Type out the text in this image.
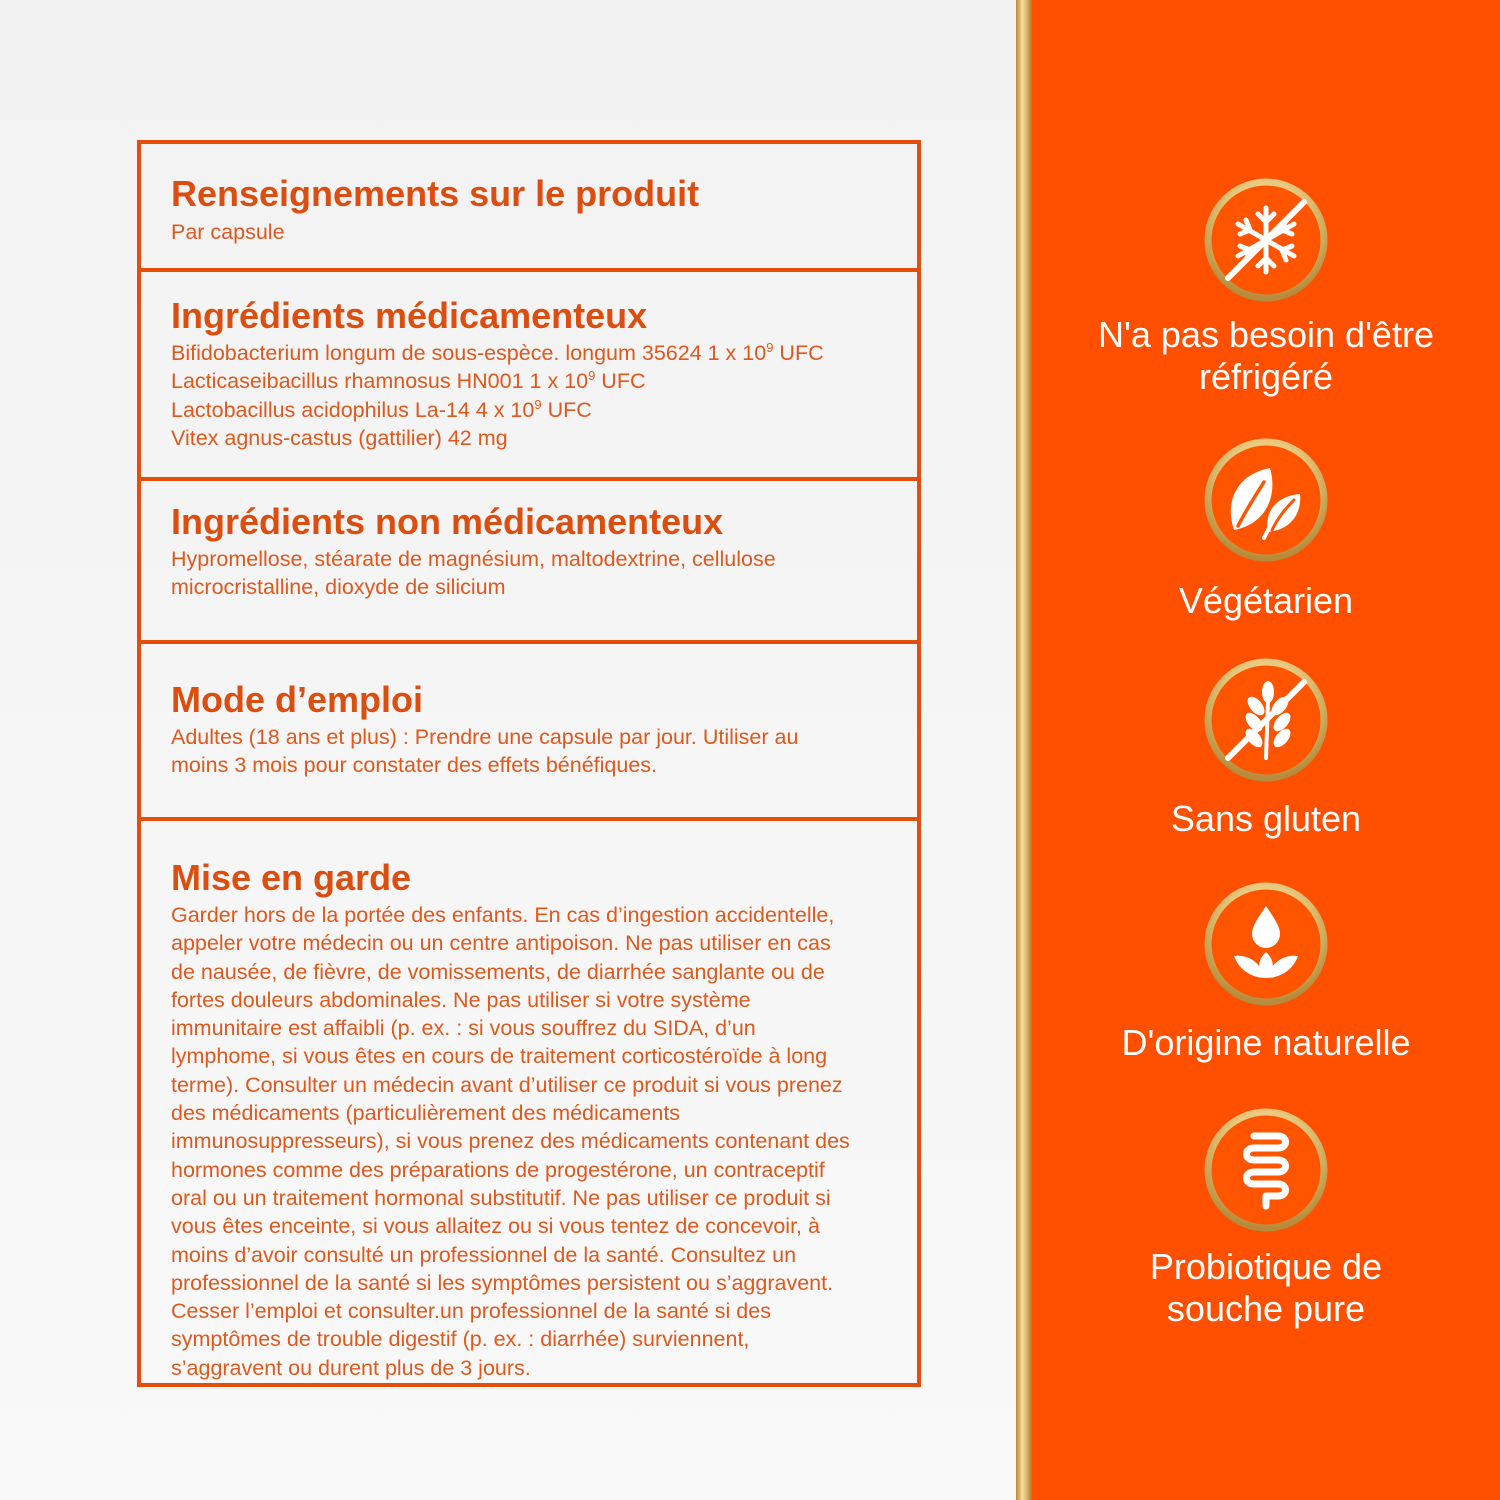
Renseignements sur le produit

Par capsule

Ingrédients médicamenteux

Bifidobacterium longum de sous-espèce. longum 35624 1 x $10^9$ UFC
Lacticaseibacillus rhamnosus HN001 1 x $10^9$ UFC
Lactobacillus acidophilus La-14 4 x $10^9$ UFC
Vitex agnus-castus (gattilier) 42 mg

Ingrédients non médicamenteux

Hypromellose, stéarate de magnésium, maltodextrine, cellulose
microcristalline, dioxyde de silicium

Mode d’emploi

Adultes (18 ans et plus) : Prendre une capsule par jour. Utiliser au
moins 3 mois pour constater des effets bénéfiques.

Mise en garde

Garder hors de la portée des enfants. En cas d’ingestion accidentelle,
appeler votre médecin ou un centre antipoison. Ne pas utiliser en cas
de nausée, de fièvre, de vomissements, de diarrhée sanglante ou de
fortes douleurs abdominales. Ne pas utiliser si votre système
immunitaire est affaibli (p. ex. : si vous souffrez du SIDA, d’un
lymphome, si vous êtes en cours de traitement corticostéroïde à long
terme). Consulter un médecin avant d’utiliser ce produit si vous prenez
des médicaments (particulièrement des médicaments
immunosuppresseurs), si vous prenez des médicaments contenant des
hormones comme des préparations de progestérone, un contraceptif
oral ou un traitement hormonal substitutif. Ne pas utiliser ce produit si
vous êtes enceinte, si vous allaitez ou si vous tentez de concevoir, à
moins d’avoir consulté un professionnel de la santé. Consultez un
professionnel de la santé si les symptômes persistent ou s’aggravent.
Cesser l’emploi et consulter.un professionnel de la santé si des
symptômes de trouble digestif (p. ex. : diarrhée) surviennent,
s’aggravent ou durent plus de 3 jours.

N'a pas besoin d'être
réfrigéré

Végétarien

Sans gluten

D'origine naturelle

Probiotique de
souche pure
